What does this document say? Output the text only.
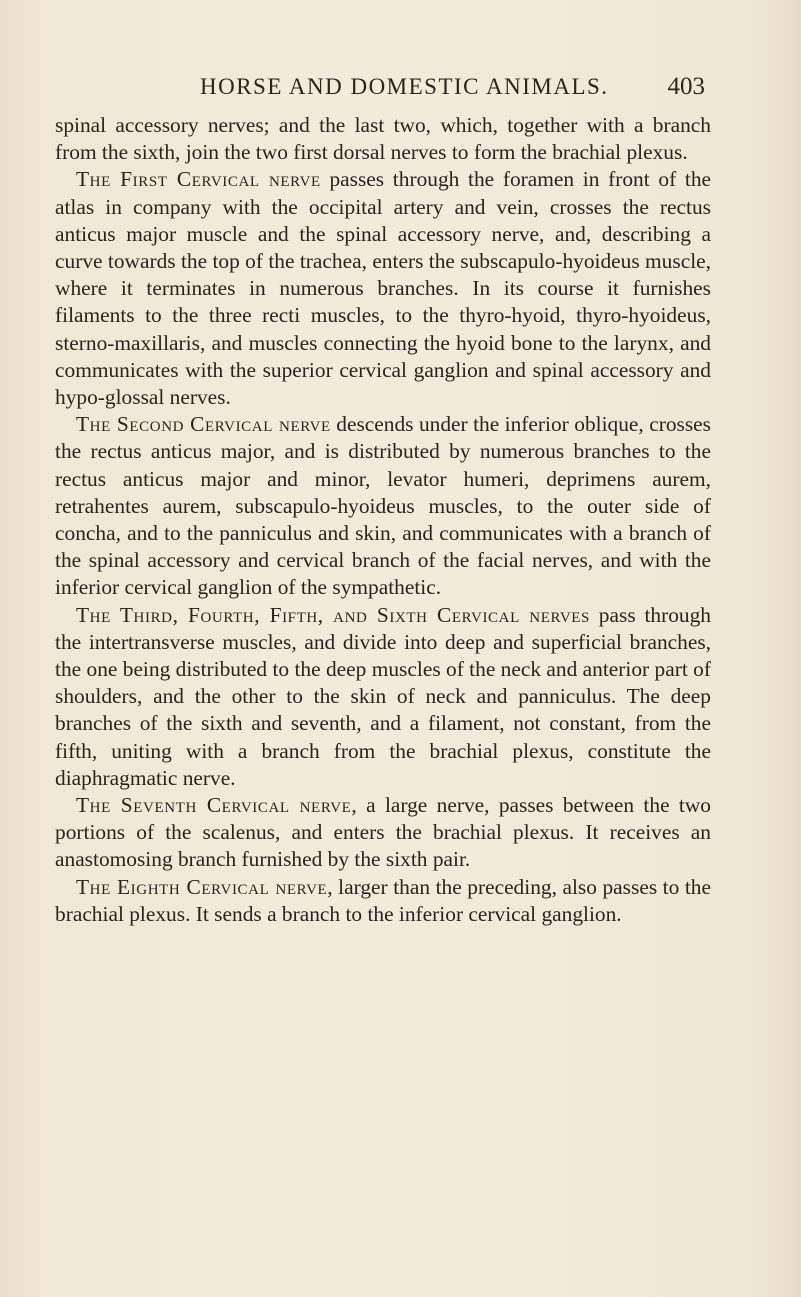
HORSE AND DOMESTIC ANIMALS. 403

spinal accessory nerves; and the last two, which, together with a branch from the sixth, join the two first dorsal nerves to form the brachial plexus.

The First Cervical nerve passes through the foramen in front of the atlas in company with the occipital artery and vein, crosses the rectus anticus major muscle and the spinal accessory nerve, and, describing a curve towards the top of the trachea, enters the subscapulo-hyoideus muscle, where it terminates in numerous branches. In its course it furnishes filaments to the three recti muscles, to the thyro-hyoid, thyro-hyoideus, sterno-maxillaris, and muscles connecting the hyoid bone to the larynx, and communicates with the superior cervical ganglion and spinal accessory and hypo-glossal nerves.

The Second Cervical nerve descends under the inferior oblique, crosses the rectus anticus major, and is distributed by numerous branches to the rectus anticus major and minor, levator humeri, deprimens aurem, retrahentes aurem, subscapulo-hyoideus muscles, to the outer side of concha, and to the panniculus and skin, and communicates with a branch of the spinal accessory and cervical branch of the facial nerves, and with the inferior cervical ganglion of the sympathetic.

The Third, Fourth, Fifth, and Sixth Cervical nerves pass through the intertransverse muscles, and divide into deep and superficial branches, the one being distributed to the deep muscles of the neck and anterior part of shoulders, and the other to the skin of neck and panniculus. The deep branches of the sixth and seventh, and a filament, not constant, from the fifth, uniting with a branch from the brachial plexus, constitute the diaphragmatic nerve.

The Seventh Cervical nerve, a large nerve, passes between the two portions of the scalenus, and enters the brachial plexus. It receives an anastomosing branch furnished by the sixth pair.

The Eighth Cervical nerve, larger than the preceding, also passes to the brachial plexus. It sends a branch to the inferior cervical ganglion.
